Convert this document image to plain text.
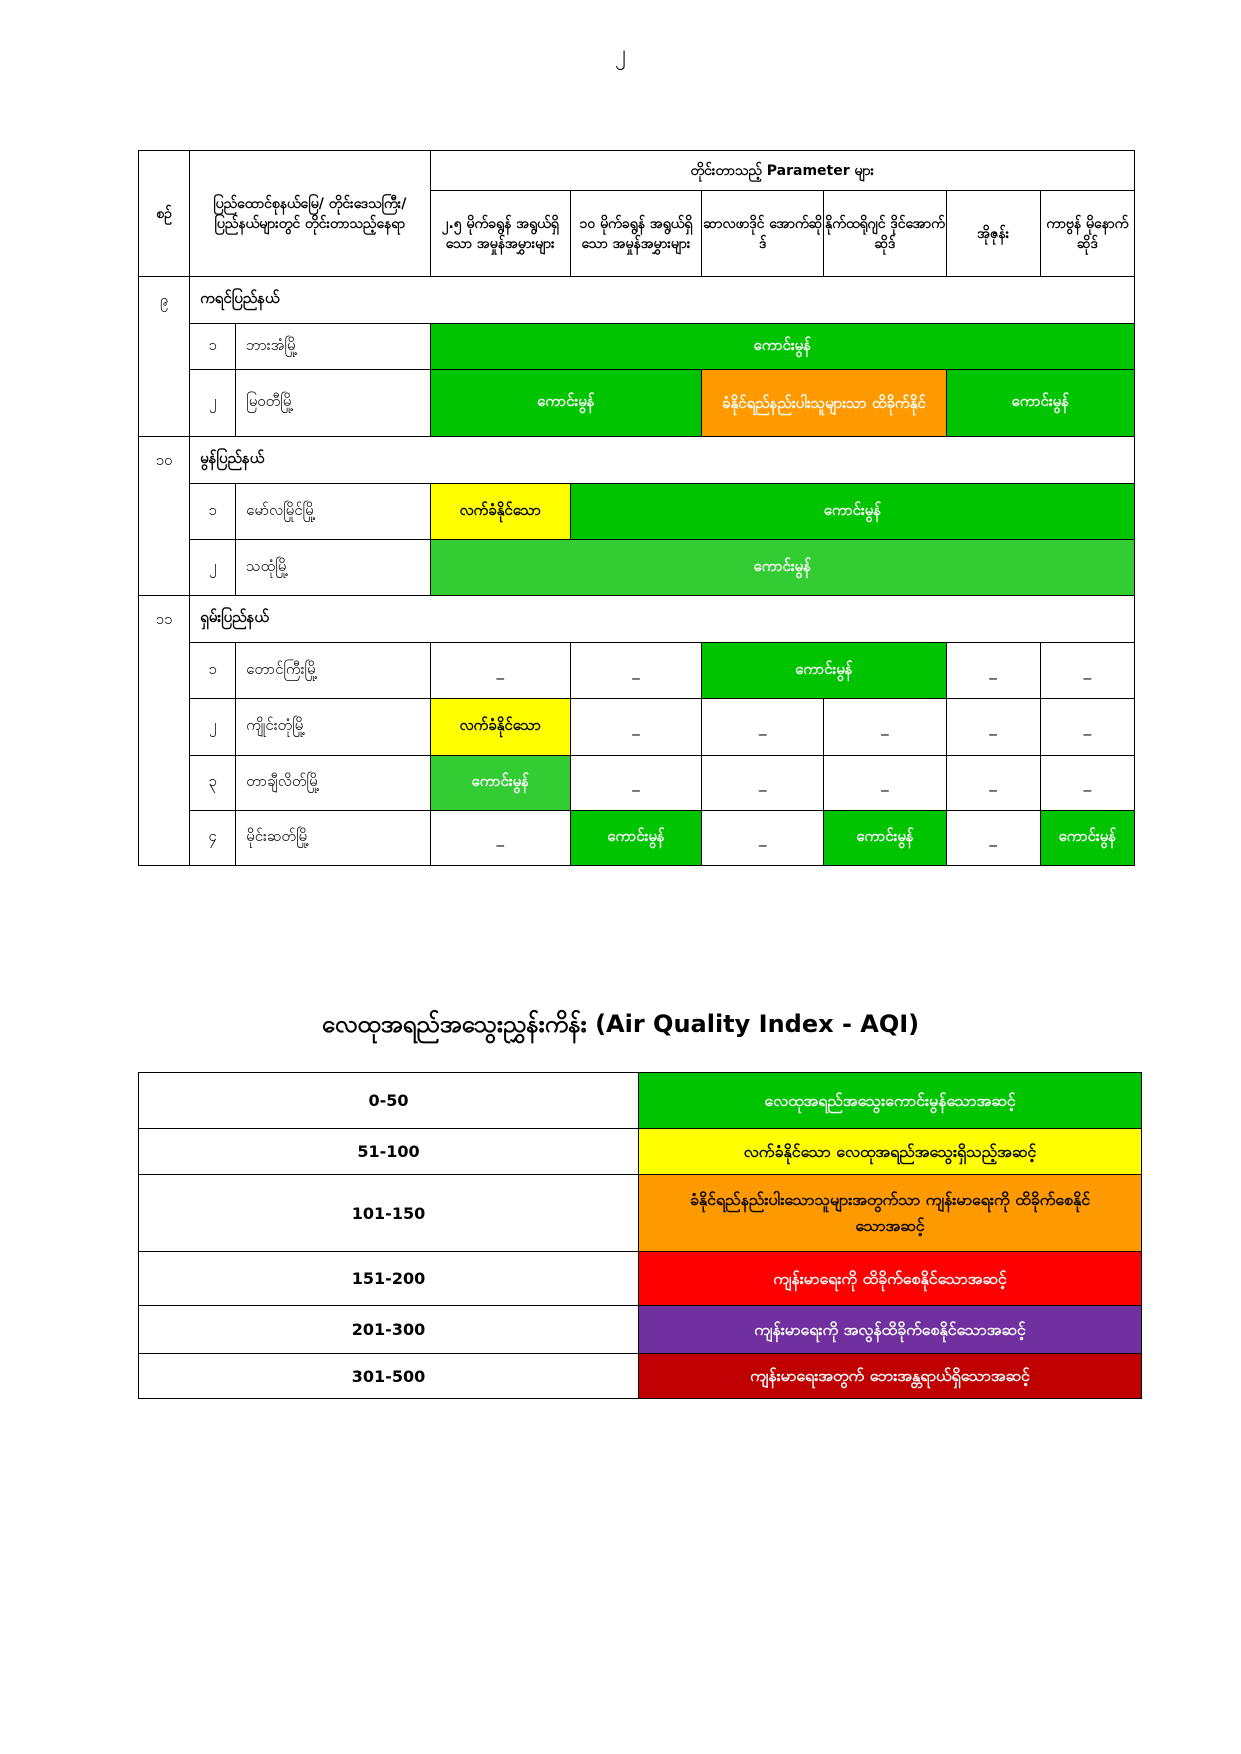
၂
စဉ်	ပြည်ထောင်စုနယ်မြေ/ တိုင်းဒေသကြီး/ ပြည်နယ်များတွင် တိုင်းတာသည့်နေရာ		တိုင်းတာသည့် Parameter များ					
			၂.၅ မိုက်ခရွန် အရွယ်ရှိသော အမှုန်အမွှားများ	၁၀ မိုက်ခရွန် အရွယ်ရှိသော အမှုန်အမွှားများ	ဆာလဖာဒိုင် အောက်ဆိုဒ်	နိုက်ထရိုဂျင် ဒိုင်အောက် ဆိုဒ်	အိုဇုန်း	ကာဗွန် မိုနောက် ဆိုဒ်
၉	ကရင်ပြည်နယ်							
	၁	ဘားအံမြို့	ကောင်းမွန်					
	၂	မြဝတီမြို့	ကောင်းမွန်		ခံနိုင်ရည်နည်းပါးသူများသာ ထိခိုက်နိုင်		ကောင်းမွန်	
၁၀	မွန်ပြည်နယ်							
	၁	မော်လမြိုင်မြို့	လက်ခံနိုင်သော	ကောင်းမွန်				
	၂	သထုံမြို့	ကောင်းမွန်					
၁၁	ရှမ်းပြည်နယ်							
	၁	တောင်ကြီးမြို့	_	_	ကောင်းမွန်		_	_
	၂	ကျိုင်းတုံမြို့	လက်ခံနိုင်သော	_	_	_	_	_
	၃	တာချီလိတ်မြို့	ကောင်းမွန်	_	_	_	_	_
	၄	မိုင်းဆတ်မြို့	_	ကောင်းမွန်	_	ကောင်းမွန်	_	ကောင်းမွန်
လေထုအရည်အသွေးညွှန်းကိန်း (Air Quality Index - AQI)
0-50	လေထုအရည်အသွေးကောင်းမွန်သောအဆင့်
51-100	လက်ခံနိုင်သော လေထုအရည်အသွေးရှိသည့်အဆင့်
101-150	ခံနိုင်ရည်နည်းပါးသောသူများအတွက်သာ ကျန်းမာရေးကို ထိခိုက်စေနိုင်သောအဆင့်
151-200	ကျန်းမာရေးကို ထိခိုက်စေနိုင်သောအဆင့်
201-300	ကျန်းမာရေးကို အလွန်ထိခိုက်စေနိုင်သောအဆင့်
301-500	ကျန်းမာရေးအတွက် ဘေးအန္တရာယ်ရှိသောအဆင့်
